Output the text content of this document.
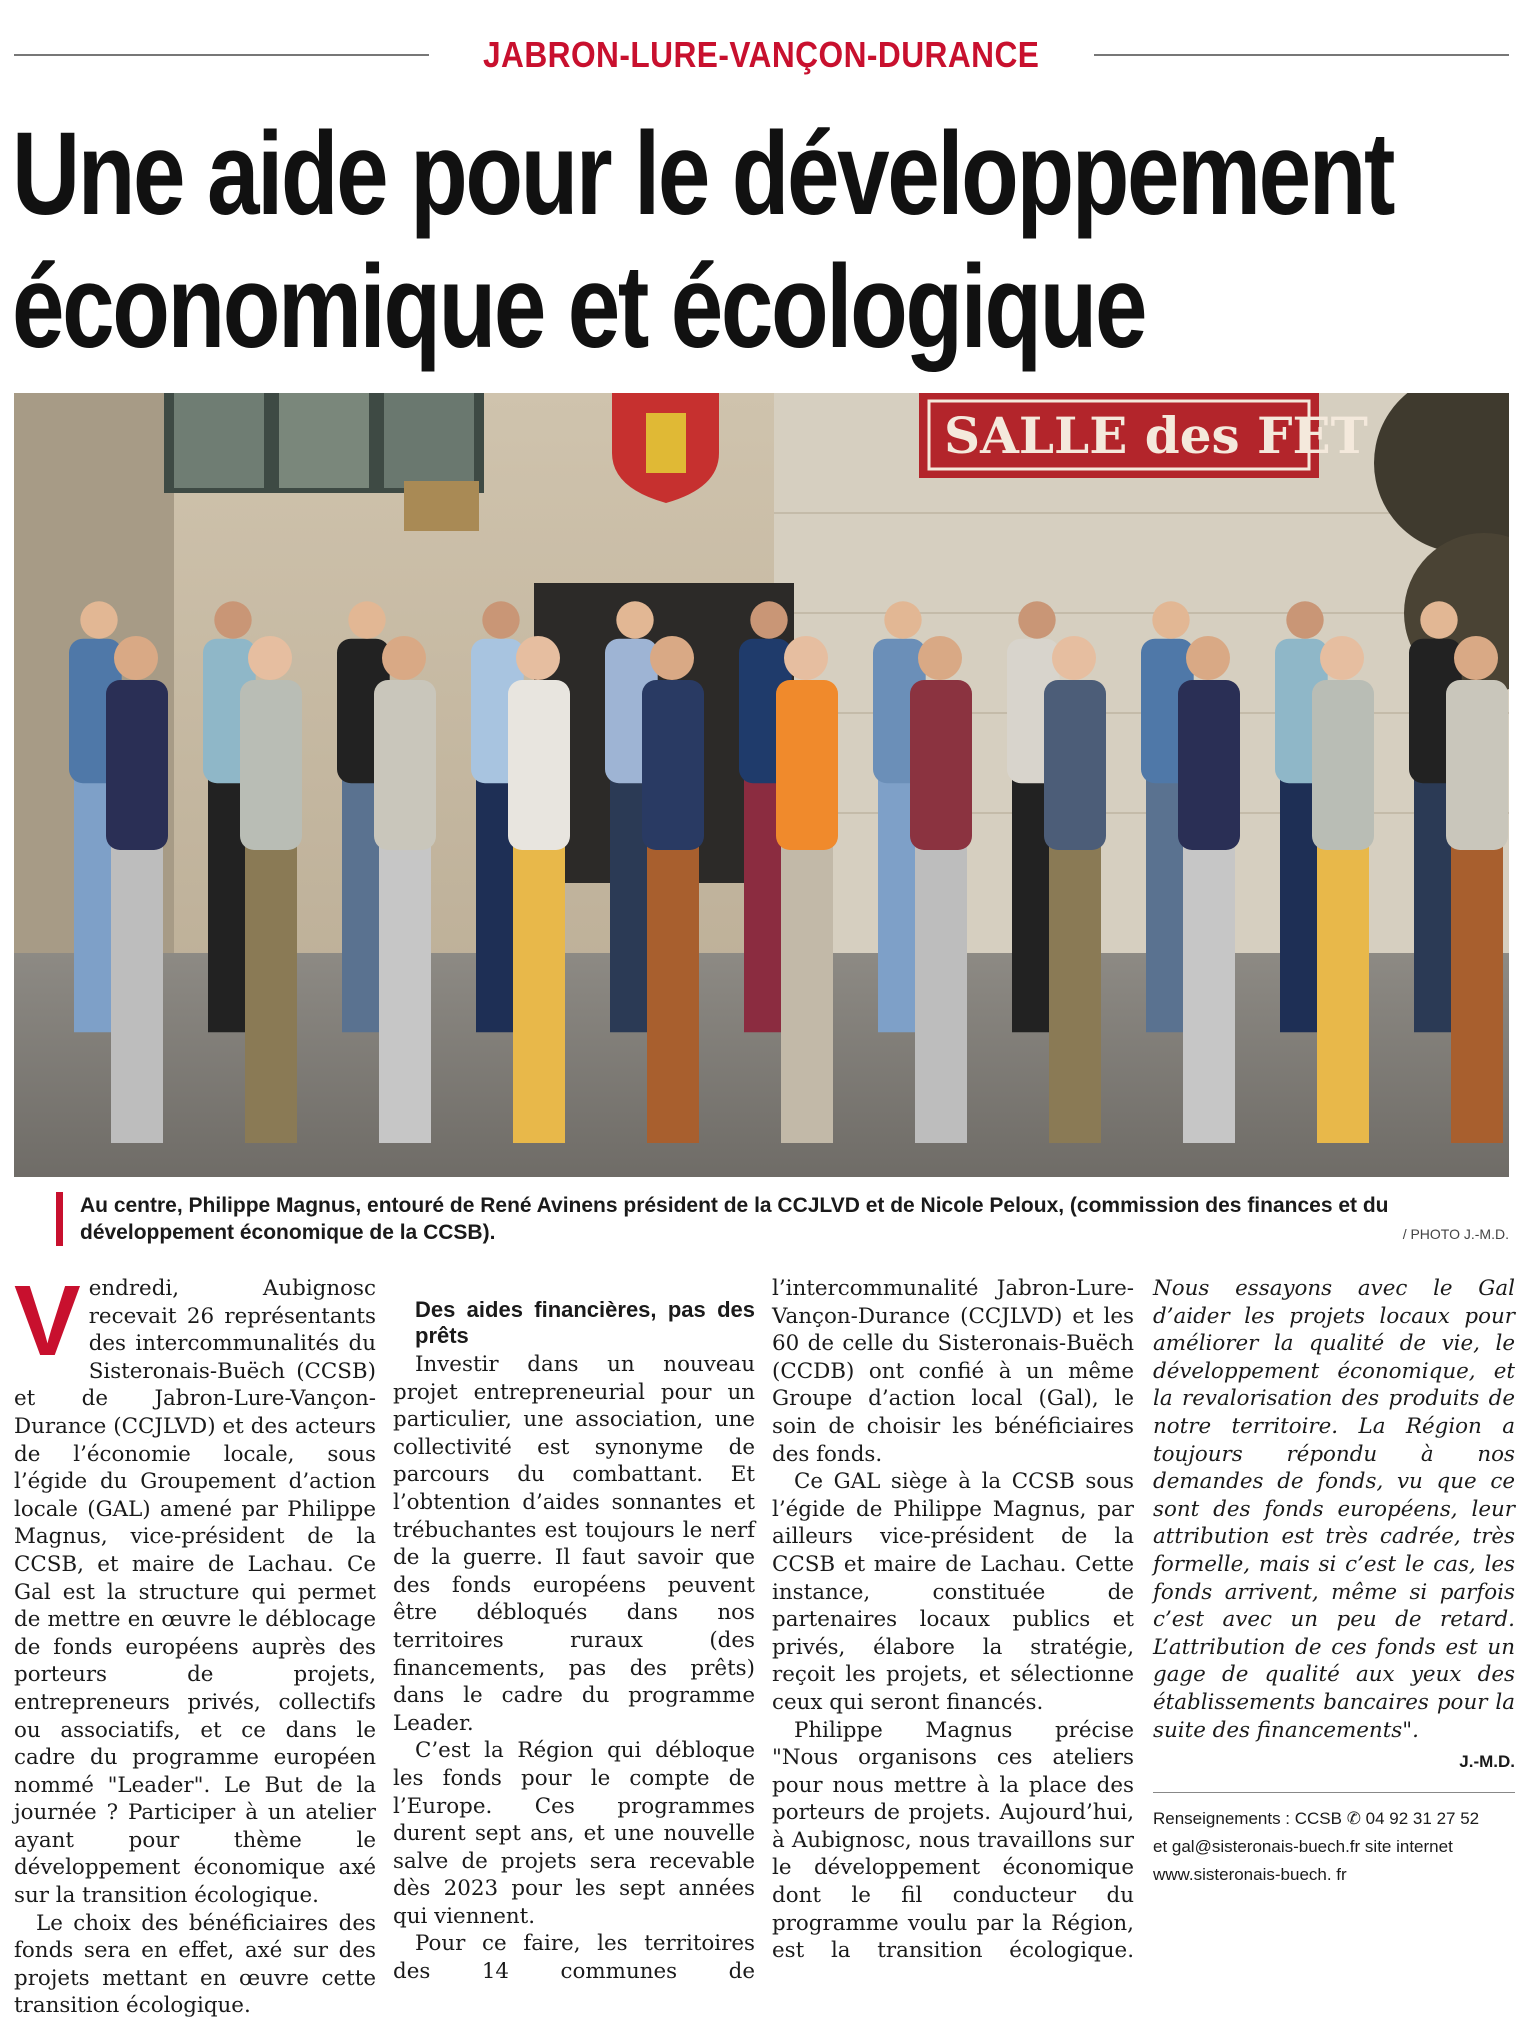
JABRON-LURE-VANÇON-DURANCE
Une aide pour le développement
économique et écologique
SALLE des FET

Au centre, Philippe Magnus, entouré de René Avinens président de la CCJLVD et de Nicole Peloux, (commission des finances et du développement économique de la CCSB).	/ PHOTO J.-M.D.

Vendredi, Aubignosc recevait 26 représentants des intercommunalités du Sisteronais-Buëch (CCSB) et de Jabron-Lure-Vançon-Durance (CCJLVD) et des acteurs de l’économie locale, sous l’égide du Groupement d’action locale (GAL) amené par Philippe Magnus, vice-président de la CCSB, et maire de Lachau. Ce Gal est la structure qui permet de mettre en œuvre le déblocage de fonds européens auprès des porteurs de projets, entrepreneurs privés, collectifs ou associatifs, et ce dans le cadre du programme européen nommé "Leader". Le But de la journée ? Participer à un atelier ayant pour thème le développement économique axé sur la transition écologique.

Le choix des bénéficiaires des fonds sera en effet, axé sur des projets mettant en œuvre cette transition écologique.

Des aides financières, pas des prêts

Investir dans un nouveau projet entrepreneurial pour un particulier, une association, une collectivité est synonyme de parcours du combattant. Et l’obtention d’aides sonnantes et trébuchantes est toujours le nerf de la guerre. Il faut savoir que des fonds européens peuvent être débloqués dans nos territoires ruraux (des financements, pas des prêts) dans le cadre du programme Leader.

C’est la Région qui débloque les fonds pour le compte de l’Europe. Ces programmes durent sept ans, et une nouvelle salve de projets sera recevable dès 2023 pour les sept années qui viennent.

Pour ce faire, les territoires des 14 communes de

l’intercommunalité Jabron-Lure-Vançon-Durance (CCJLVD) et les 60 de celle du Sisteronais-Buëch (CCDB) ont confié à un même Groupe d’action local (Gal), le soin de choisir les bénéficiaires des fonds.

Ce GAL siège à la CCSB sous l’égide de Philippe Magnus, par ailleurs vice-président de la CCSB et maire de Lachau. Cette instance, constituée de partenaires locaux publics et privés, élabore la stratégie, reçoit les projets, et sélectionne ceux qui seront financés.

Philippe Magnus précise "Nous organisons ces ateliers pour nous mettre à la place des porteurs de projets. Aujourd’hui, à Aubignosc, nous travaillons sur le développement économique dont le fil conducteur du programme voulu par la Région, est la transition écologique.

Nous essayons avec le Gal d’aider les projets locaux pour améliorer la qualité de vie, le développement économique, et la revalorisation des produits de notre territoire. La Région a toujours répondu à nos demandes de fonds, vu que ce sont des fonds européens, leur attribution est très cadrée, très formelle, mais si c’est le cas, les fonds arrivent, même si parfois c’est avec un peu de retard. L’attribution de ces fonds est un gage de qualité aux yeux des établissements bancaires pour la suite des financements".

J.-M.D.
Renseignements : CCSB ✆ 04 92 31 27 52
et gal@sisteronais-buech.fr site internet
www.sisteronais-buech. fr
